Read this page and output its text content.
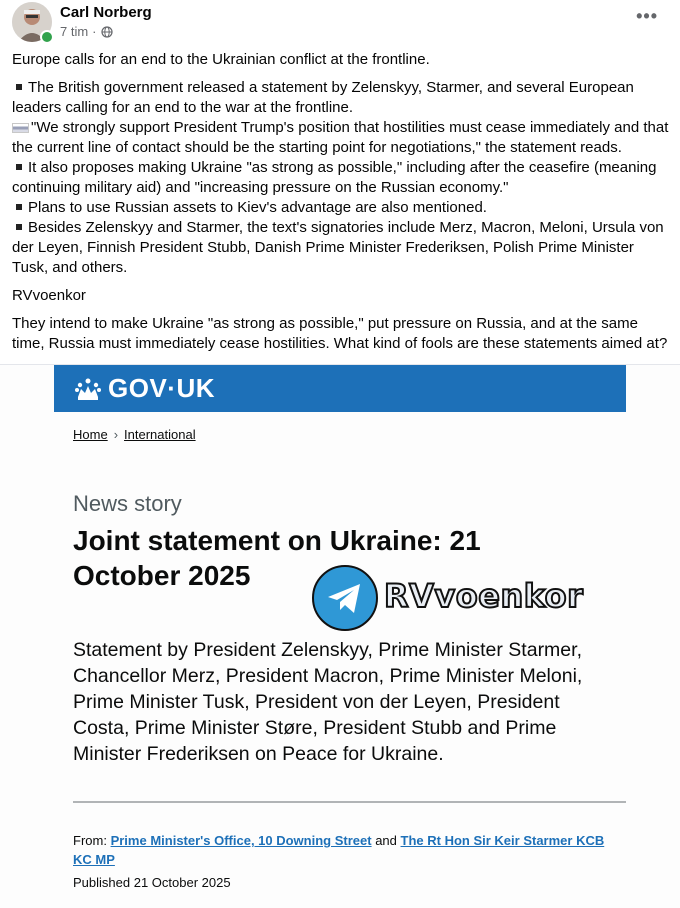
Carl Norberg
7 tim ·
•••

Europe calls for an end to the Ukrainian conflict at the frontline.

The British government released a statement by Zelenskyy, Starmer, and several European leaders calling for an end to the war at the frontline.
"We strongly support President Trump's position that hostilities must cease immediately and that the current line of contact should be the starting point for negotiations," the statement reads.
It also proposes making Ukraine "as strong as possible," including after the ceasefire (meaning continuing military aid) and "increasing pressure on the Russian economy."
Plans to use Russian assets to Kiev's advantage are also mentioned.
Besides Zelenskyy and Starmer, the text's signatories include Merz, Macron, Meloni, Ursula von der Leyen, Finnish President Stubb, Danish Prime Minister Frederiksen, Polish Prime Minister Tusk, and others.

RVvoenkor

They intend to make Ukraine "as strong as possible," put pressure on Russia, and at the same time, Russia must immediately cease hostilities. What kind of fools are these statements aimed at?

GOV·UK
Home › International
News story
Joint statement on Ukraine: 21 October 2025
RVvoenkor
Statement by President Zelenskyy, Prime Minister Starmer, Chancellor Merz, President Macron, Prime Minister Meloni, Prime Minister Tusk, President von der Leyen, President Costa, Prime Minister Støre, President Stubb and Prime Minister Frederiksen on Peace for Ukraine.
From: Prime Minister's Office, 10 Downing Street and The Rt Hon Sir Keir Starmer KCB KC MP
Published 21 October 2025
